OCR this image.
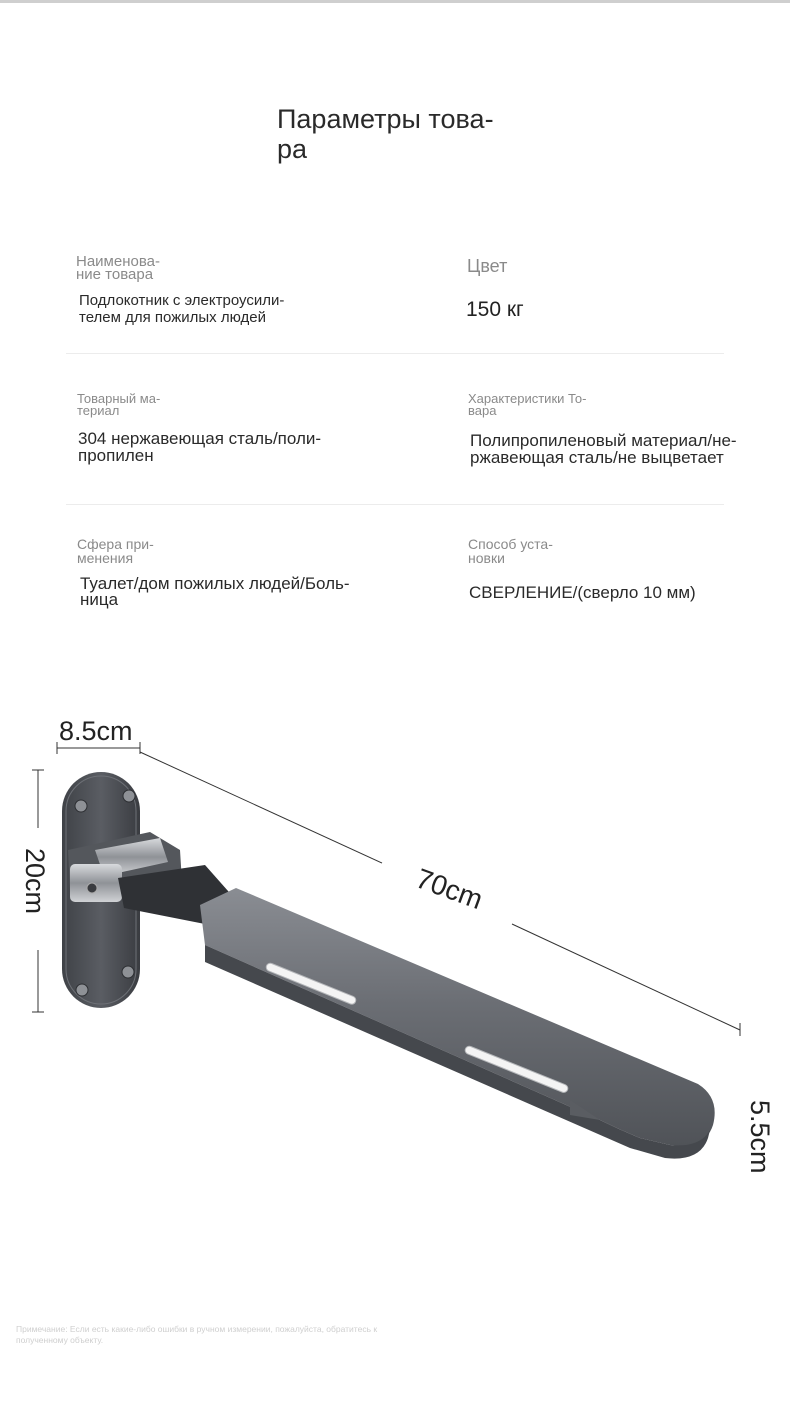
Параметры това-
ра
Наименова-
ние товара
Подлокотник с электроусили-
телем для пожилых людей
Цвет
150 кг
Товарный ма-
териал
304 нержавеющая сталь/поли-
пропилен
Характеристики То-
вара
Полипропиленовый материал/не-
ржавеющая сталь/не выцветает
Сфера при-
менения
Туалет/дом пожилых людей/Боль-
ница
Способ уста-
новки
СВЕРЛЕНИЕ/(сверло 10 мм)
8.5cm
20cm	70cm
5.5cm
Примечание: Если есть какие-либо ошибки в ручном измерении, пожалуйста, обратитесь к
полученному объекту.
